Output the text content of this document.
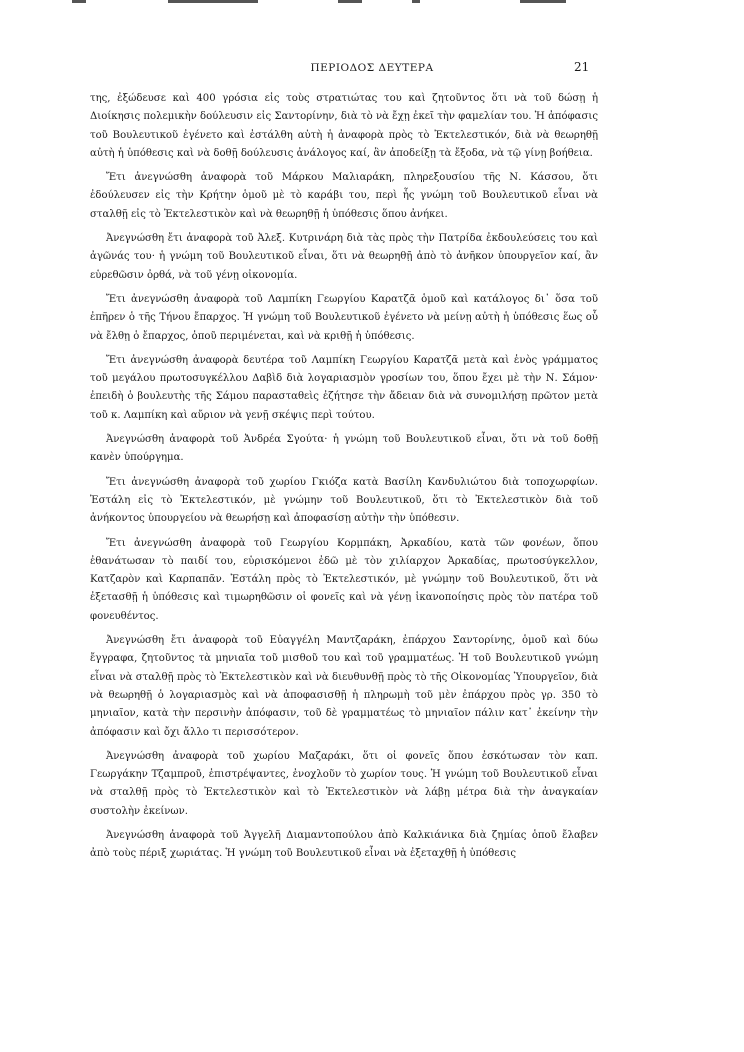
ΠΕΡΙΟΔΟΣ ΔΕΥΤΕΡΑ	21

της, ἐξώδευσε καὶ 400 γρόσια εἰς τοὺς στρατιώτας του καὶ ζητοῦντος ὅτι νὰ τοῦ δώσῃ ἡ Διοίκησις πολεμικὴν δούλευσιν εἰς Σαντορίνην, διὰ τὸ νὰ ἔχῃ ἐκεῖ τὴν φαμελίαν του. Ἡ ἀπόφασις τοῦ Βουλευτικοῦ ἐγένετο καὶ ἐστάλθη αὐτὴ ἡ ἀναφορὰ πρὸς τὸ Ἐκτελεστικόν, διὰ νὰ θεωρηθῇ αὐτὴ ἡ ὑπόθεσις καὶ νὰ δοθῇ δούλευσις ἀνάλογος καί, ἂν ἀποδείξῃ τὰ ἔξοδα, νὰ τῷ γίνῃ βοήθεια.

Ἔτι ἀνεγνώσθη ἀναφορὰ τοῦ Μάρκου Μαλιαράκη, πληρεξουσίου τῆς Ν. Κάσσου, ὅτι ἐδούλευσεν εἰς τὴν Κρήτην ὁμοῦ μὲ τὸ καράβι του, περὶ ἧς γνώμη τοῦ Βουλευτικοῦ εἶναι νὰ σταλθῇ εἰς τὸ Ἐκτελεστικὸν καὶ νὰ θεωρηθῇ ἡ ὑπόθεσις ὅπου ἀνήκει.

Ἀνεγνώσθη ἔτι ἀναφορὰ τοῦ Ἀλεξ. Κυτρινάρη διὰ τὰς πρὸς τὴν Πατρίδα ἐκδουλεύσεις του καὶ ἀγῶνάς του· ἡ γνώμη τοῦ Βουλευτικοῦ εἶναι, ὅτι νὰ θεωρηθῇ ἀπὸ τὸ ἀνῆκον ὑπουργεῖον καί, ἂν εὑρεθῶσιν ὀρθά, νὰ τοῦ γένῃ οἰκονομία.

Ἔτι ἀνεγνώσθη ἀναφορὰ τοῦ Λαμπίκη Γεωργίου Καρατζᾶ ὁμοῦ καὶ κατάλογος δι᾽ ὅσα τοῦ ἐπῆρεν ὁ τῆς Τήνου ἔπαρχος. Ἡ γνώμη τοῦ Βουλευτικοῦ ἐγένετο νὰ μείνῃ αὐτὴ ἡ ὑπόθεσις ἕως οὗ νὰ ἔλθῃ ὁ ἔπαρχος, ὁποῦ περιμένεται, καὶ νὰ κριθῇ ἡ ὑπόθεσις.

Ἔτι ἀνεγνώσθη ἀναφορὰ δευτέρα τοῦ Λαμπίκη Γεωργίου Καρατζᾶ μετὰ καὶ ἑνὸς γράμματος τοῦ μεγάλου πρωτοσυγκέλλου Δαβὶδ διὰ λογαριασμὸν γροσίων του, ὅπου ἔχει μὲ τὴν Ν. Σάμον· ἐπειδὴ ὁ βουλευτὴς τῆς Σάμου παρασταθεὶς ἐζήτησε τὴν ἄδειαν διὰ νὰ συνομιλήσῃ πρῶτον μετὰ τοῦ κ. Λαμπίκη καὶ αὔριον νὰ γενῇ σκέψις περὶ τούτου.

Ἀνεγνώσθη ἀναφορὰ τοῦ Ἀνδρέα Σγούτα· ἡ γνώμη τοῦ Βουλευτικοῦ εἶναι, ὅτι νὰ τοῦ δοθῇ κανὲν ὑπούργημα.

Ἔτι ἀνεγνώσθη ἀναφορὰ τοῦ χωρίου Γκιόζα κατὰ Βασίλη Κανδυλιώτου διὰ τοποχωρφίων. Ἐστάλη εἰς τὸ Ἐκτελεστικόν, μὲ γνώμην τοῦ Βουλευτικοῦ, ὅτι τὸ Ἐκτελεστικὸν διὰ τοῦ ἀνήκοντος ὑπουργείου νὰ θεωρήσῃ καὶ ἀποφασίσῃ αὐτὴν τὴν ὑπόθεσιν.

Ἔτι ἀνεγνώσθη ἀναφορὰ τοῦ Γεωργίου Κορμπάκη, Ἀρκαδίου, κατὰ τῶν φονέων, ὅπου ἐθανάτωσαν τὸ παιδί του, εὑρισκόμενοι ἐδῶ μὲ τὸν χιλίαρχον Ἀρκαδίας, πρωτοσύγκελλον, Κατζαρὸν καὶ Καρπαπᾶν. Ἐστάλη πρὸς τὸ Ἐκτελεστικόν, μὲ γνώμην τοῦ Βουλευτικοῦ, ὅτι νὰ ἐξετασθῇ ἡ ὑπόθεσις καὶ τιμωρηθῶσιν οἱ φονεῖς καὶ νὰ γένῃ ἱκανοποίησις πρὸς τὸν πατέρα τοῦ φονευθέντος.

Ἀνεγνώσθη ἔτι ἀναφορὰ τοῦ Εὐαγγέλη Μαντζαράκη, ἐπάρχου Σαντορίνης, ὁμοῦ καὶ δύω ἔγγραφα, ζητοῦντος τὰ μηνιαῖα τοῦ μισθοῦ του καὶ τοῦ γραμματέως. Ἡ τοῦ Βουλευτικοῦ γνώμη εἶναι νὰ σταλθῇ πρὸς τὸ Ἐκτελεστικὸν καὶ νὰ διευθυνθῇ πρὸς τὸ τῆς Οἰκονομίας Ὑπουργεῖον, διὰ νὰ θεωρηθῇ ὁ λογαριασμὸς καὶ νὰ ἀποφασισθῇ ἡ πληρωμὴ τοῦ μὲν ἐπάρχου πρὸς γρ. 350 τὸ μηνιαῖον, κατὰ τὴν περσινὴν ἀπόφασιν, τοῦ δὲ γραμματέως τὸ μηνιαῖον πάλιν κατ᾽ ἐκείνην τὴν ἀπόφασιν καὶ ὄχι ἄλλο τι περισσότερον.

Ἀνεγνώσθη ἀναφορὰ τοῦ χωρίου Μαζαράκι, ὅτι οἱ φονεῖς ὅπου ἐσκότωσαν τὸν καπ. Γεωργάκην Τζαμπροῦ, ἐπιστρέψαντες, ἐνοχλοῦν τὸ χωρίον τους. Ἡ γνώμη τοῦ Βουλευτικοῦ εἶναι νὰ σταλθῇ πρὸς τὸ Ἐκτελεστικὸν καὶ τὸ Ἐκτελεστικὸν νὰ λάβῃ μέτρα διὰ τὴν ἀναγκαίαν συστολὴν ἐκείνων.

Ἀνεγνώσθη ἀναφορὰ τοῦ Ἀγγελῆ Διαμαντοπούλου ἀπὸ Καλκιάνικα διὰ ζημίας ὁποῦ ἔλαβεν ἀπὸ τοὺς πέριξ χωριάτας. Ἡ γνώμη τοῦ Βουλευτικοῦ εἶναι νὰ ἐξεταχθῇ ἡ ὑπόθεσις
